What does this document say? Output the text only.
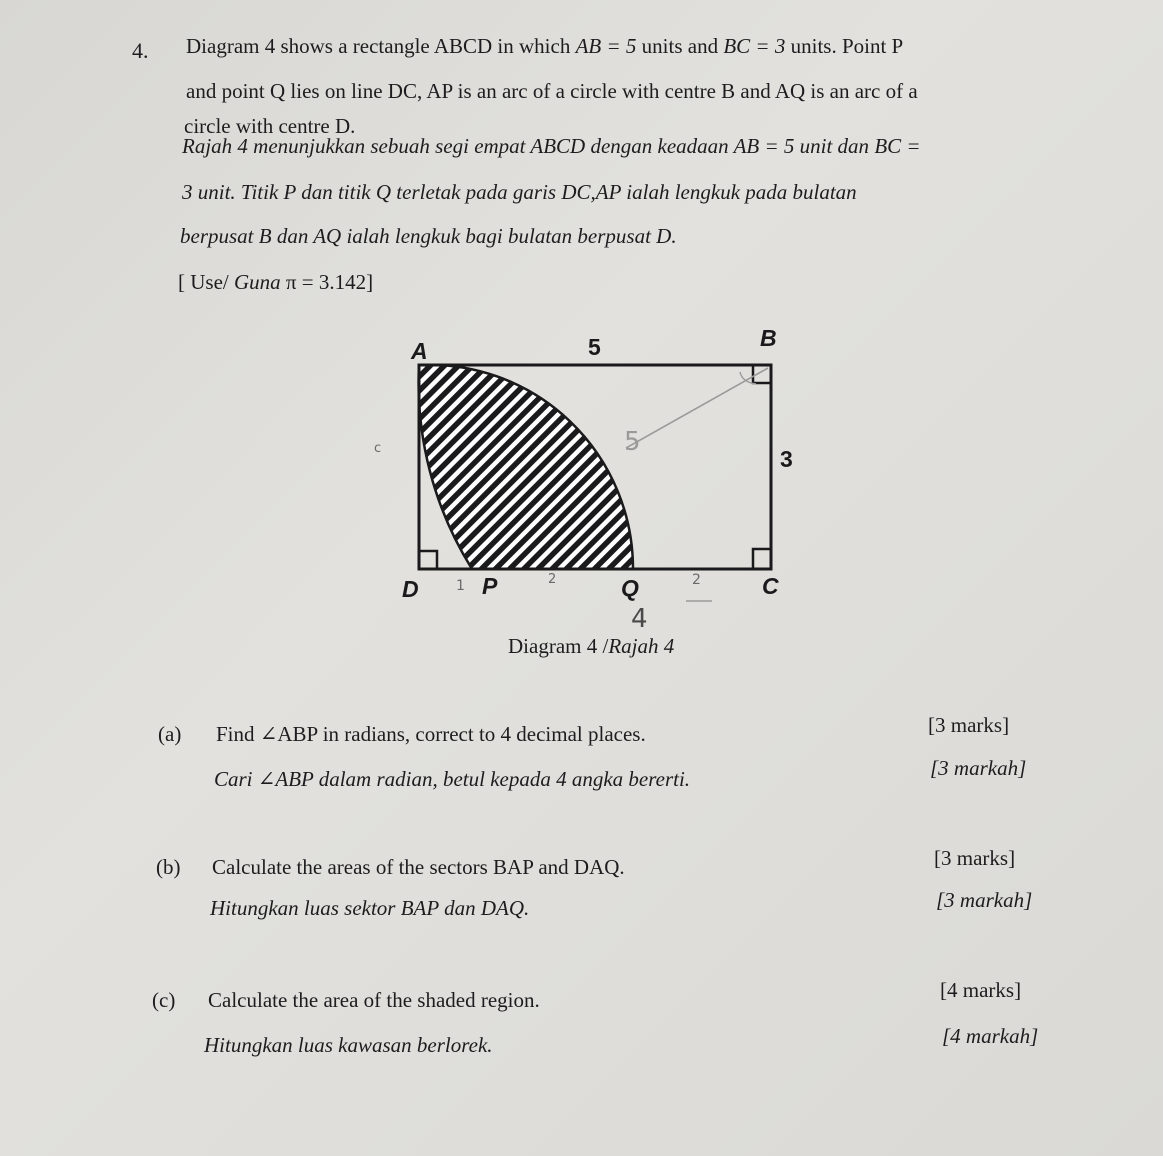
4. Diagram 4 shows a rectangle ABCD in which AB = 5 units and BC = 3 units. Point P
and point Q lies on line DC, AP is an arc of a circle with centre B and AQ is an arc of a
circle with centre D.
Rajah 4 menunjukkan sebuah segi empat ABCD dengan keadaan AB = 5 unit dan BC =
3 unit. Titik P dan titik Q terletak pada garis DC,AP ialah lengkuk pada bulatan
berpusat B dan AQ ialah lengkuk bagi bulatan berpusat D.
[ Use/ Guna π = 3.142]
A	B
C
D	P	Q
5
3
5
2	2
4
1
c
Diagram 4 /Rajah 4
(a) Find ∠ABP in radians, correct to 4 decimal places.	[3 marks]
Cari ∠ABP dalam radian, betul kepada 4 angka bererti.	[3 markah]
(b) Calculate the areas of the sectors BAP and DAQ.	[3 marks]
Hitungkan luas sektor BAP dan DAQ.	[3 markah]
(c) Calculate the area of the shaded region.	[4 marks]
Hitungkan luas kawasan berlorek.	[4 markah]
